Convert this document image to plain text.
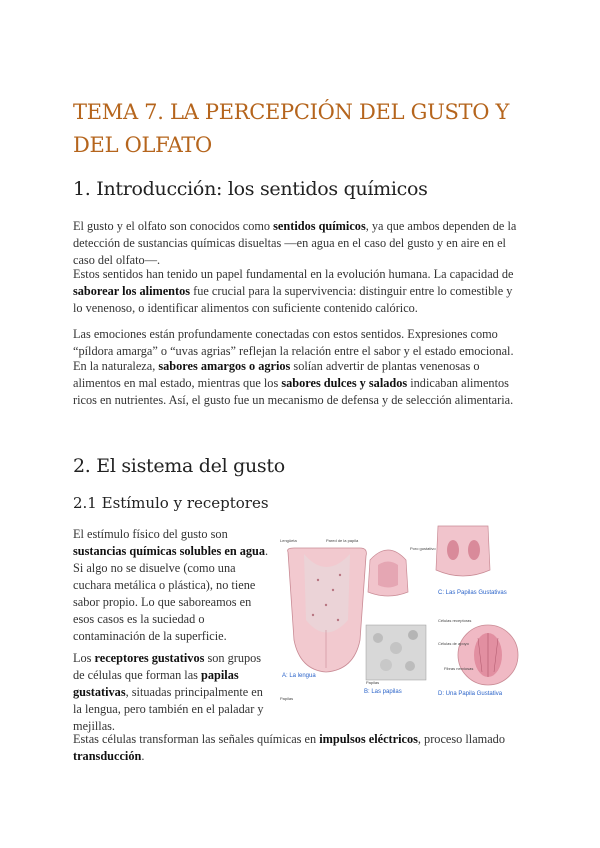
TEMA 7. LA PERCEPCIÓN DEL GUSTO Y DEL OLFATO
1. Introducción: los sentidos químicos

El gusto y el olfato son conocidos como sentidos químicos, ya que ambos dependen de la detección de sustancias químicas disueltas —en agua en el caso del gusto y en aire en el caso del olfato—.

Estos sentidos han tenido un papel fundamental en la evolución humana. La capacidad de saborear los alimentos fue crucial para la supervivencia: distinguir entre lo comestible y lo venenoso, o identificar alimentos con suficiente contenido calórico.

Las emociones están profundamente conectadas con estos sentidos. Expresiones como “píldora amarga” o “uvas agrias” reflejan la relación entre el sabor y el estado emocional.

En la naturaleza, sabores amargos o agrios solían advertir de plantas venenosas o alimentos en mal estado, mientras que los sabores dulces y salados indicaban alimentos ricos en nutrientes. Así, el gusto fue un mecanismo de defensa y de selección alimentaria.

2. El sistema del gusto
2.1 Estímulo y receptores

El estímulo físico del gusto son sustancias químicas solubles en agua. Si algo no se disuelve (como una cuchara metálica o plástica), no tiene sabor propio. Lo que saboreamos en esos casos es la suciedad o contaminación de la superficie.

Los receptores gustativos son grupos de células que forman las papilas gustativas, situadas principalmente en la lengua, pero también en el paladar y mejillas.

Estas células transforman las señales químicas en impulsos eléctricos, proceso llamado transducción.

Lengüeta	Pared de la papila
A: La lengua
B: Las papilas
Papilas
Poro gustativo
C: Las Papilas Gustativas
Células receptoras
Células de apoyo
Fibras nerviosas
D: Una Papila Gustativa
Papilas
